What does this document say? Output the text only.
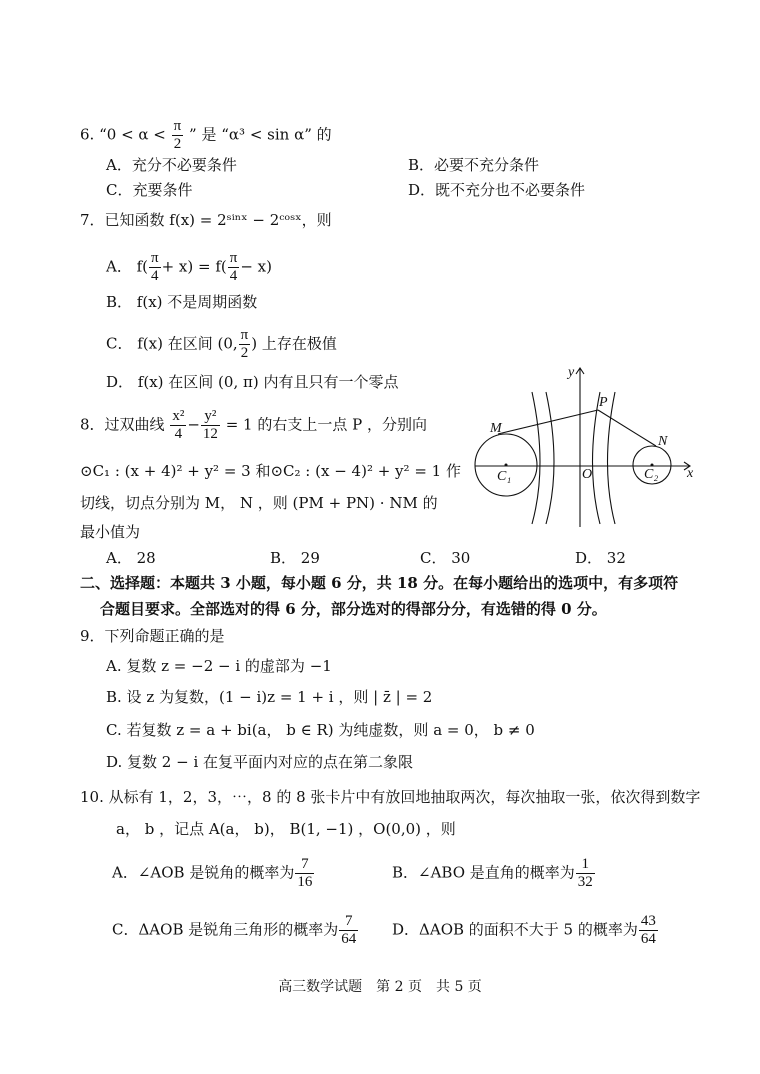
6. “$0 < \alpha < \frac{\pi}{2}$ ” 是 “α³ < sin α” 的
A．充分不必要条件	B．必要不充分条件
C．充要条件	D．既不充分也不必要条件
7．已知函数 f(x) = 2ˢⁱⁿˣ − 2ᶜᵒˢˣ，则
A． $f( \frac{\pi}{4} + x) = f( \frac{\pi}{4} - x)$
B． f(x) 不是周期函数
C． f(x) 在区间 (0, $\frac{\pi}{2}$ ) 上存在极值
D． f(x) 在区间 (0, π) 内有且只有一个零点
8．过双曲线 $\frac{\text{x²}}{4} - \frac{\text{y²}}{12} = 1$ 的右支上一点 P ，分别向
⊙C₁ : (x + 4)² + y² = 3 和⊙C₂ : (x − 4)² + y² = 1 作
切线，切点分别为 M， N ，则 (PM + PN) · NM 的
最小值为
A． 28	B． 29	C． 30	D． 32
y
x
P
M
N
O
C₁	C₂
二、选择题：本题共 3 小题，每小题 6 分，共 18 分。在每小题给出的选项中，有多项符
合题目要求。全部选对的得 6 分，部分选对的得部分分，有选错的得 0 分。
9．下列命题正确的是
A. 复数 z = −2 − i 的虚部为 −1
B. 设 z 为复数，(1 − i)z = 1 + i ，则 | z̄ | = 2
C. 若复数 z = a + bi(a， b ∈ R) 为纯虚数，则 a = 0， b ≠ 0
D. 复数 2 − i 在复平面内对应的点在第二象限
10. 从标有 1，2，3，⋯，8 的 8 张卡片中有放回地抽取两次，每次抽取一张，依次得到数字
a， b ，记点 A(a， b)， B(1, −1) ，O(0,0) ，则
A．∠AOB 是锐角的概率为 $\frac{7}{16}$	B．∠ABO 是直角的概率为 $\frac{1}{32}$
C．ΔAOB 是锐角三角形的概率为 $\frac{7}{64}$ D．ΔAOB 的面积不大于 5 的概率为 $\frac{43}{64}$
高三数学试题　第 2 页　共 5 页
